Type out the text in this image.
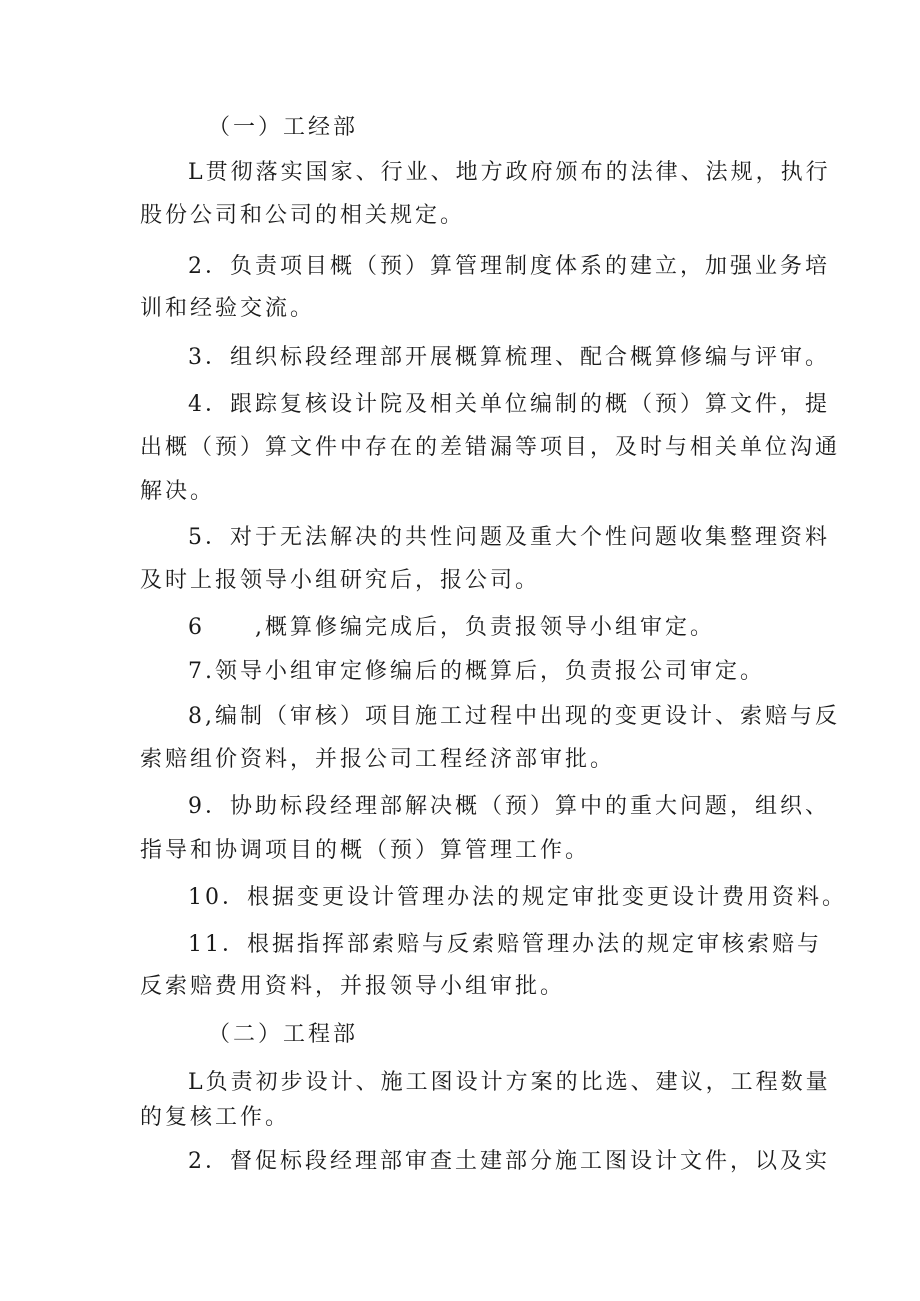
（一）工经部
L贯彻落实国家、行业、地方政府颁布的法律、法规，执行
股份公司和公司的相关规定。
2．负责项目概（预）算管理制度体系的建立，加强业务培
训和经验交流。
3．组织标段经理部开展概算梳理、配合概算修编与评审。
4．跟踪复核设计院及相关单位编制的概（预）算文件，提
出概（预）算文件中存在的差错漏等项目，及时与相关单位沟通
解决。
5．对于无法解决的共性问题及重大个性问题收集整理资料
及时上报领导小组研究后，报公司。
6　　,概算修编完成后，负责报领导小组审定。
7.领导小组审定修编后的概算后，负责报公司审定。
8,编制（审核）项目施工过程中出现的变更设计、索赔与反
索赔组价资料，并报公司工程经济部审批。
9．协助标段经理部解决概（预）算中的重大问题，组织、
指导和协调项目的概（预）算管理工作。
10．根据变更设计管理办法的规定审批变更设计费用资料。
11．根据指挥部索赔与反索赔管理办法的规定审核索赔与
反索赔费用资料，并报领导小组审批。
（二）工程部
L负责初步设计、施工图设计方案的比选、建议，工程数量
的复核工作。
2．督促标段经理部审查土建部分施工图设计文件，以及实
